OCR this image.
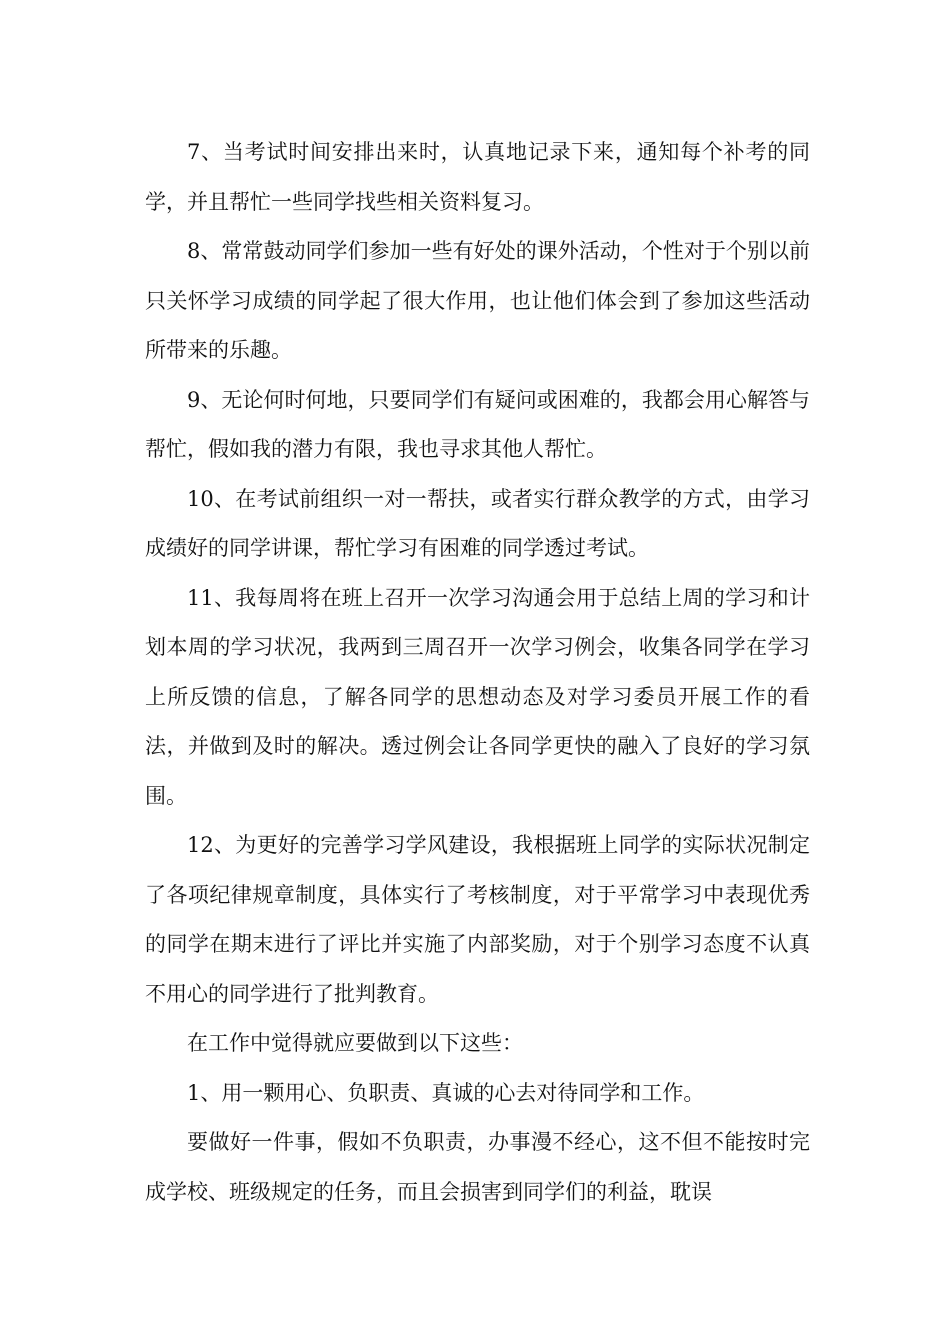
7、当考试时间安排出来时，认真地记录下来，通知每个补考的同学，并且帮忙一些同学找些相关资料复习。

8、常常鼓动同学们参加一些有好处的课外活动，个性对于个别以前只关怀学习成绩的同学起了很大作用，也让他们体会到了参加这些活动所带来的乐趣。

9、无论何时何地，只要同学们有疑问或困难的，我都会用心解答与帮忙，假如我的潜力有限，我也寻求其他人帮忙。

10、在考试前组织一对一帮扶，或者实行群众教学的方式，由学习成绩好的同学讲课，帮忙学习有困难的同学透过考试。

11、我每周将在班上召开一次学习沟通会用于总结上周的学习和计划本周的学习状况，我两到三周召开一次学习例会，收集各同学在学习上所反馈的信息，了解各同学的思想动态及对学习委员开展工作的看法，并做到及时的解决。透过例会让各同学更快的融入了良好的学习氛围。

12、为更好的完善学习学风建设，我根据班上同学的实际状况制定了各项纪律规章制度，具体实行了考核制度，对于平常学习中表现优秀的同学在期末进行了评比并实施了内部奖励，对于个别学习态度不认真不用心的同学进行了批判教育。

在工作中觉得就应要做到以下这些：

1、用一颗用心、负职责、真诚的心去对待同学和工作。

要做好一件事，假如不负职责，办事漫不经心，这不但不能按时完成学校、班级规定的任务，而且会损害到同学们的利益，耽误
